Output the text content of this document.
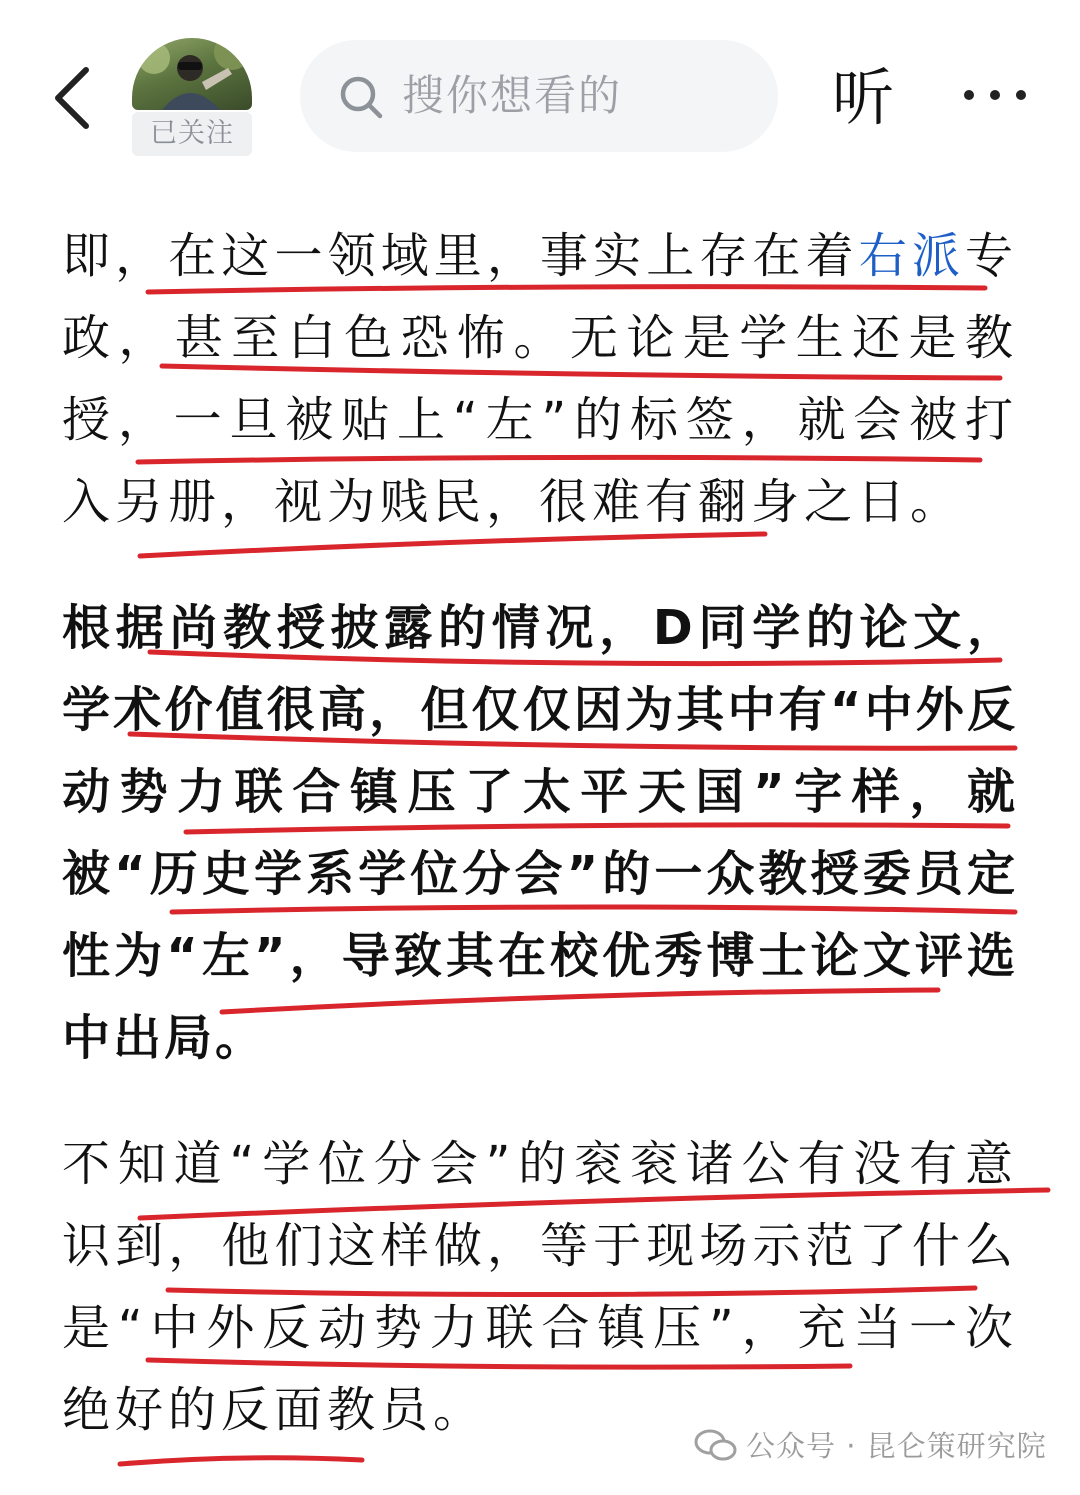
已关注
搜你想看的	听

即，在这一领域里，事实上存在着右派专政，甚至白色恐怖。无论是学生还是教授，一旦被贴上“左”的标签，就会被打入另册，视为贱民，很难有翻身之日。

根据尚教授披露的情况，D同学的论文，学术价值很高，但仅仅因为其中有“中外反动势力联合镇压了太平天国”字样，就被“历史学系学位分会”的一众教授委员定性为“左”，导致其在校优秀博士论文评选中出局。

不知道“学位分会”的衮衮诸公有没有意识到，他们这样做，等于现场示范了什么是“中外反动势力联合镇压”，充当一次绝好的反面教员。

公众号 · 昆仑策研究院
